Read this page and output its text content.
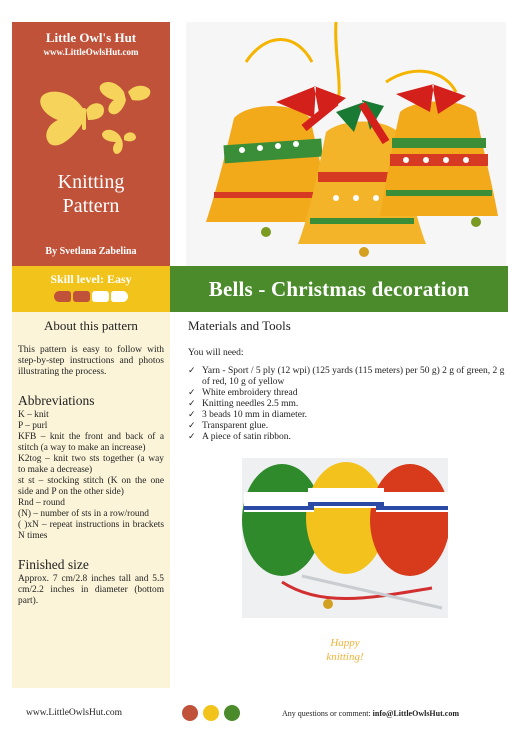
Little Owl's Hut
www.LittleOwlsHut.com
Knitting
Pattern
By Svetlana Zabelina
Skill level: Easy	Bells - Christmas decoration
About this pattern
This pattern is easy to follow with step-by-step instructions and photos illustrating the process.
Abbreviations
K – knit
P – purl
KFB – knit the front and back of a stitch (a way to make an increase)
K2tog – knit two sts together (a way to make a decrease)
st st – stocking stitch (K on the one side and P on the other side)
Rnd – round
(N) – number of sts in a row/round
( )xN – repeat instructions in brackets N times
Finished size
Approx. 7 cm/2.8 inches tall and 5.5 cm/2.2 inches in diameter (bottom part).
Materials and Tools
You will need:
✓ Yarn - Sport / 5 ply (12 wpi) (125 yards (115 meters) per 50 g) 2 g of green, 2 g of red, 10 g of yellow
✓ White embroidery thread
✓ Knitting needles 2.5 mm.
✓ 3 beads 10 mm in diameter.
✓ Transparent glue.
✓ A piece of satin ribbon.
Happy
knitting!
www.LittleOwlsHut.com	Any questions or comment: info@LittleOwlsHut.com
